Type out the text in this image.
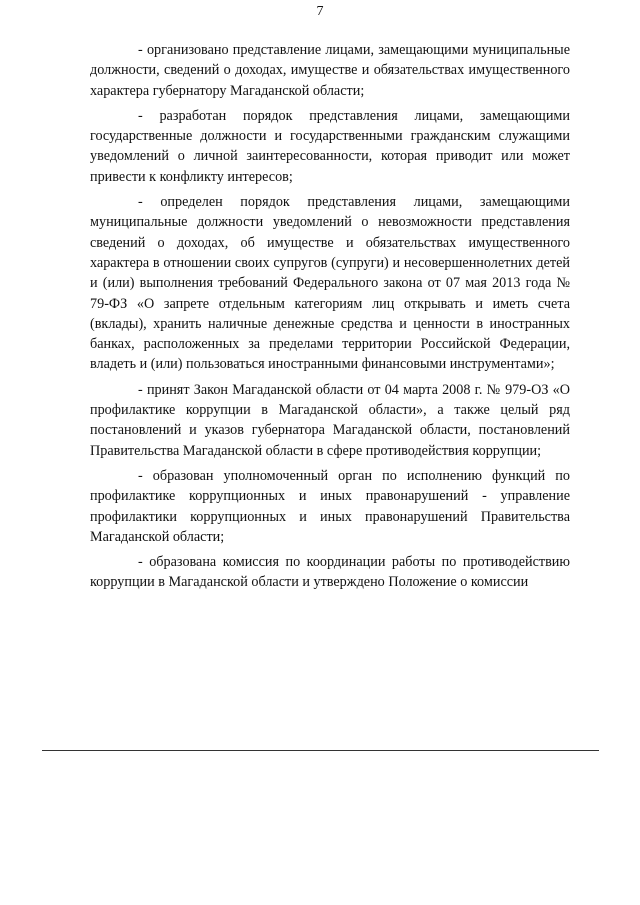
7

- организовано представление лицами, замещающими муниципальные должности, сведений о доходах, имуществе и обязательствах имущественного характера губернатору Магаданской области;

- разработан порядок представления лицами, замещающими государственные должности и государственными гражданским служащими уведомлений о личной заинтересованности, которая приводит или может привести к конфликту интересов;

- определен порядок представления лицами, замещающими муниципальные должности уведомлений о невозможности представления сведений о доходах, об имуществе и обязательствах имущественного характера в отношении своих супругов (супруги) и несовершеннолетних детей и (или) выполнения требований Федерального закона от 07 мая 2013 года № 79-ФЗ «О запрете отдельным категориям лиц открывать и иметь счета (вклады), хранить наличные денежные средства и ценности в иностранных банках, расположенных за пределами территории Российской Федерации, владеть и (или) пользоваться иностранными финансовыми инструментами»;

- принят Закон Магаданской области от 04 марта 2008 г. № 979-ОЗ «О профилактике коррупции в Магаданской области», а также целый ряд постановлений и указов губернатора Магаданской области, постановлений Правительства Магаданской области в сфере противодействия коррупции;

- образован уполномоченный орган по исполнению функций по профилактике коррупционных и иных правонарушений - управление профилактики коррупционных и иных правонарушений Правительства Магаданской области;

- образована комиссия по координации работы по противодействию коррупции в Магаданской области и утверждено Положение о комиссии
